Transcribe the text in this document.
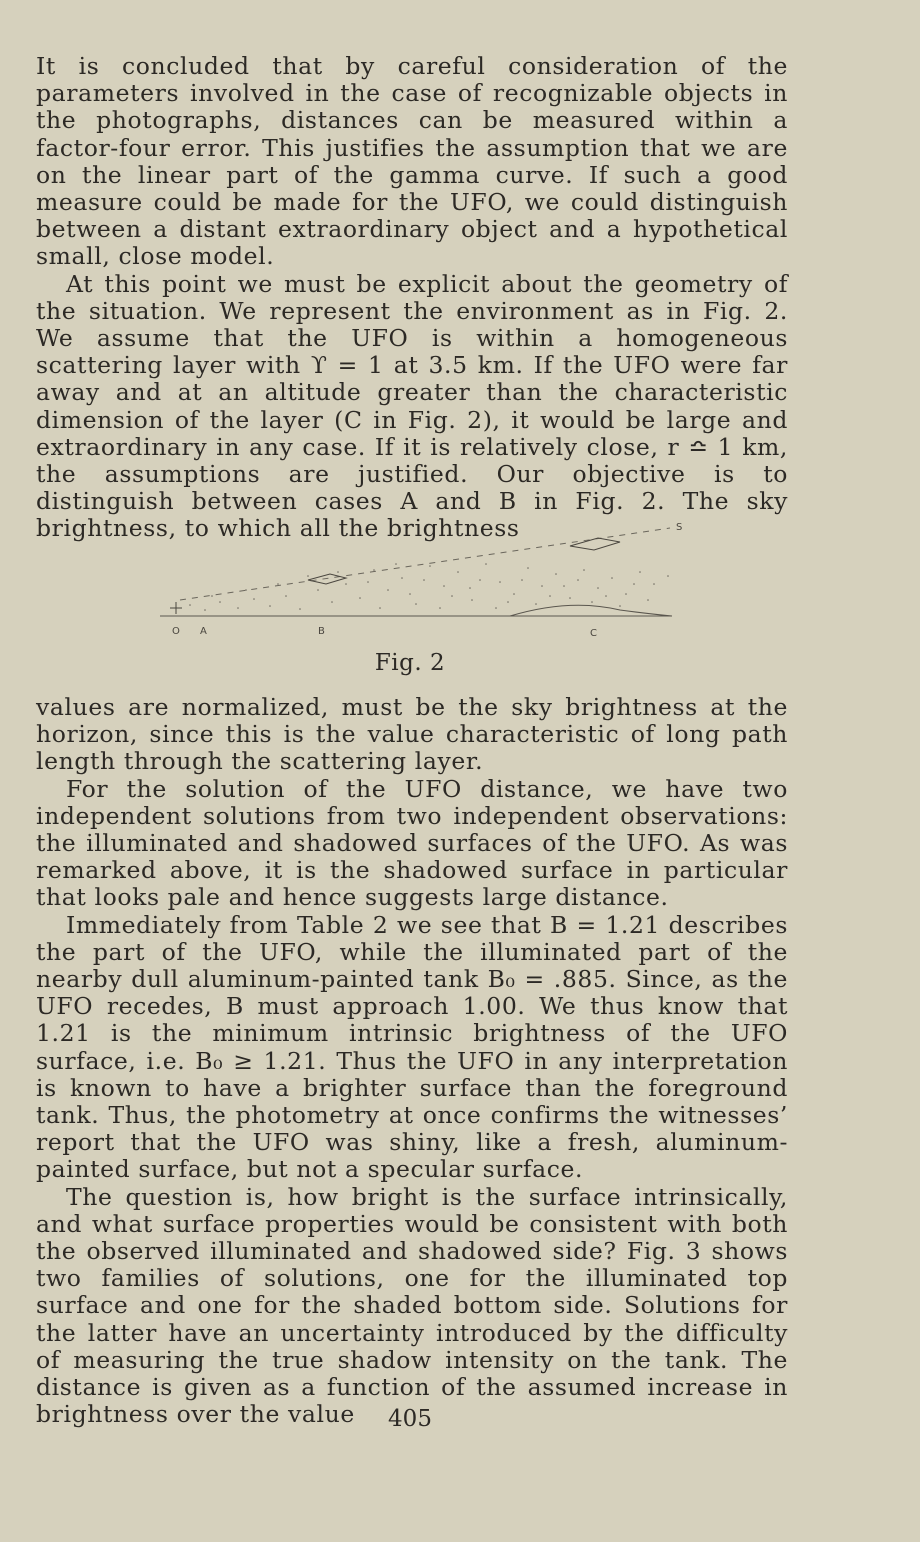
It is concluded that by careful consideration of the parameters involved in the case of recognizable objects in the photographs, distances can be measured within a factor-four error. This justifies the assumption that we are on the linear part of the gamma curve. If such a good measure could be made for the UFO, we could distinguish between a distant extraordinary object and a hypothetical small, close model.

At this point we must be explicit about the geometry of the situation. We represent the environment as in Fig. 2. We assume that the UFO is within a homogeneous scattering layer with ϒ = 1 at 3.5 km. If the UFO were far away and at an altitude greater than the characteristic dimension of the layer (C in Fig. 2), it would be large and extraordinary in any case. If it is relatively close, r ≏ 1 km, the assumptions are justified. Our objective is to distinguish between cases A and B in Fig. 2. The sky brightness, to which all the brightness

O A	B	C
S
Fig. 2

values are normalized, must be the sky brightness at the horizon, since this is the value characteristic of long path length through the scattering layer.

For the solution of the UFO distance, we have two independent solutions from two independent observations: the illuminated and shadowed surfaces of the UFO. As was remarked above, it is the shadowed surface in particular that looks pale and hence suggests large distance.

Immediately from Table 2 we see that B = 1.21 describes the part of the UFO, while the illuminated part of the nearby dull aluminum-painted tank B₀ = .885. Since, as the UFO recedes, B must approach 1.00. We thus know that 1.21 is the minimum intrinsic brightness of the UFO surface, i.e. B₀ ≥ 1.21. Thus the UFO in any interpretation is known to have a brighter surface than the foreground tank. Thus, the photometry at once confirms the witnesses’ report that the UFO was shiny, like a fresh, aluminum-painted surface, but not a specular surface.

The question is, how bright is the surface intrinsically, and what surface properties would be consistent with both the observed illuminated and shadowed side? Fig. 3 shows two families of solutions, one for the illuminated top surface and one for the shaded bottom side. Solutions for the latter have an uncertainty introduced by the difficulty of measuring the true shadow intensity on the tank. The distance is given as a function of the assumed increase in brightness over the value	405
